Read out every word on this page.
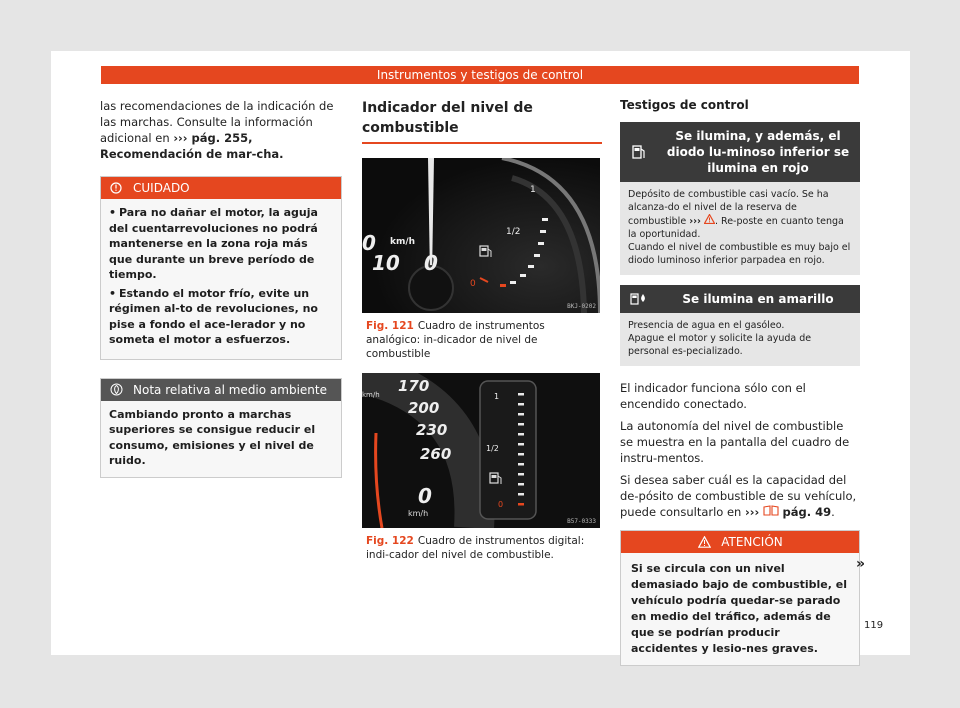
Instrumentos y testigos de control

las recomendaciones de la indicación de las marchas. Consulte la información adicional en ››› pág. 255, Recomendación de mar-cha.

CUIDADO

• Para no dañar el motor, la aguja del cuentarrevoluciones no podrá mantenerse en la zona roja más que durante un breve período de tiempo.

• Estando el motor frío, evite un régimen al-to de revoluciones, no pise a fondo el ace-lerador y no someta el motor a esfuerzos.

Nota relativa al medio ambiente

Cambiando pronto a marchas superiores se consigue reducir el consumo, emisiones y el nivel de ruido.

Indicador del nivel de combustible
1
1/2
0
km/h
10
0
0
BKJ-0202
Fig. 121 Cuadro de instrumentos analógico: in-dicador de nivel de combustible
km/h 170
200
230
260
0
km/h
1
1/2
0
B57-0333
Fig. 122 Cuadro de instrumentos digital: indi-cador del nivel de combustible.
Testigos de control
Se ilumina, y además, el diodo lu-minoso inferior se ilumina en rojo
Depósito de combustible casi vacío. Se ha alcanza-do el nivel de la reserva de combustible ››› . Re-poste en cuanto tenga la oportunidad.
Cuando el nivel de combustible es muy bajo el diodo luminoso inferior parpadea en rojo.
Se ilumina en amarillo
Presencia de agua en el gasóleo.
Apague el motor y solicite la ayuda de personal es-pecializado.

El indicador funciona sólo con el encendido conectado.

La autonomía del nivel de combustible se muestra en la pantalla del cuadro de instru-mentos.

Si desea saber cuál es la capacidad del de-pósito de combustible de su vehículo, puede consultarlo en ››› pág. 49.

ATENCIÓN
Si se circula con un nivel demasiado bajo de combustible, el vehículo podría quedar-se parado en medio del tráfico, además de que se podrían producir accidentes y lesio-nes graves.
»
119
